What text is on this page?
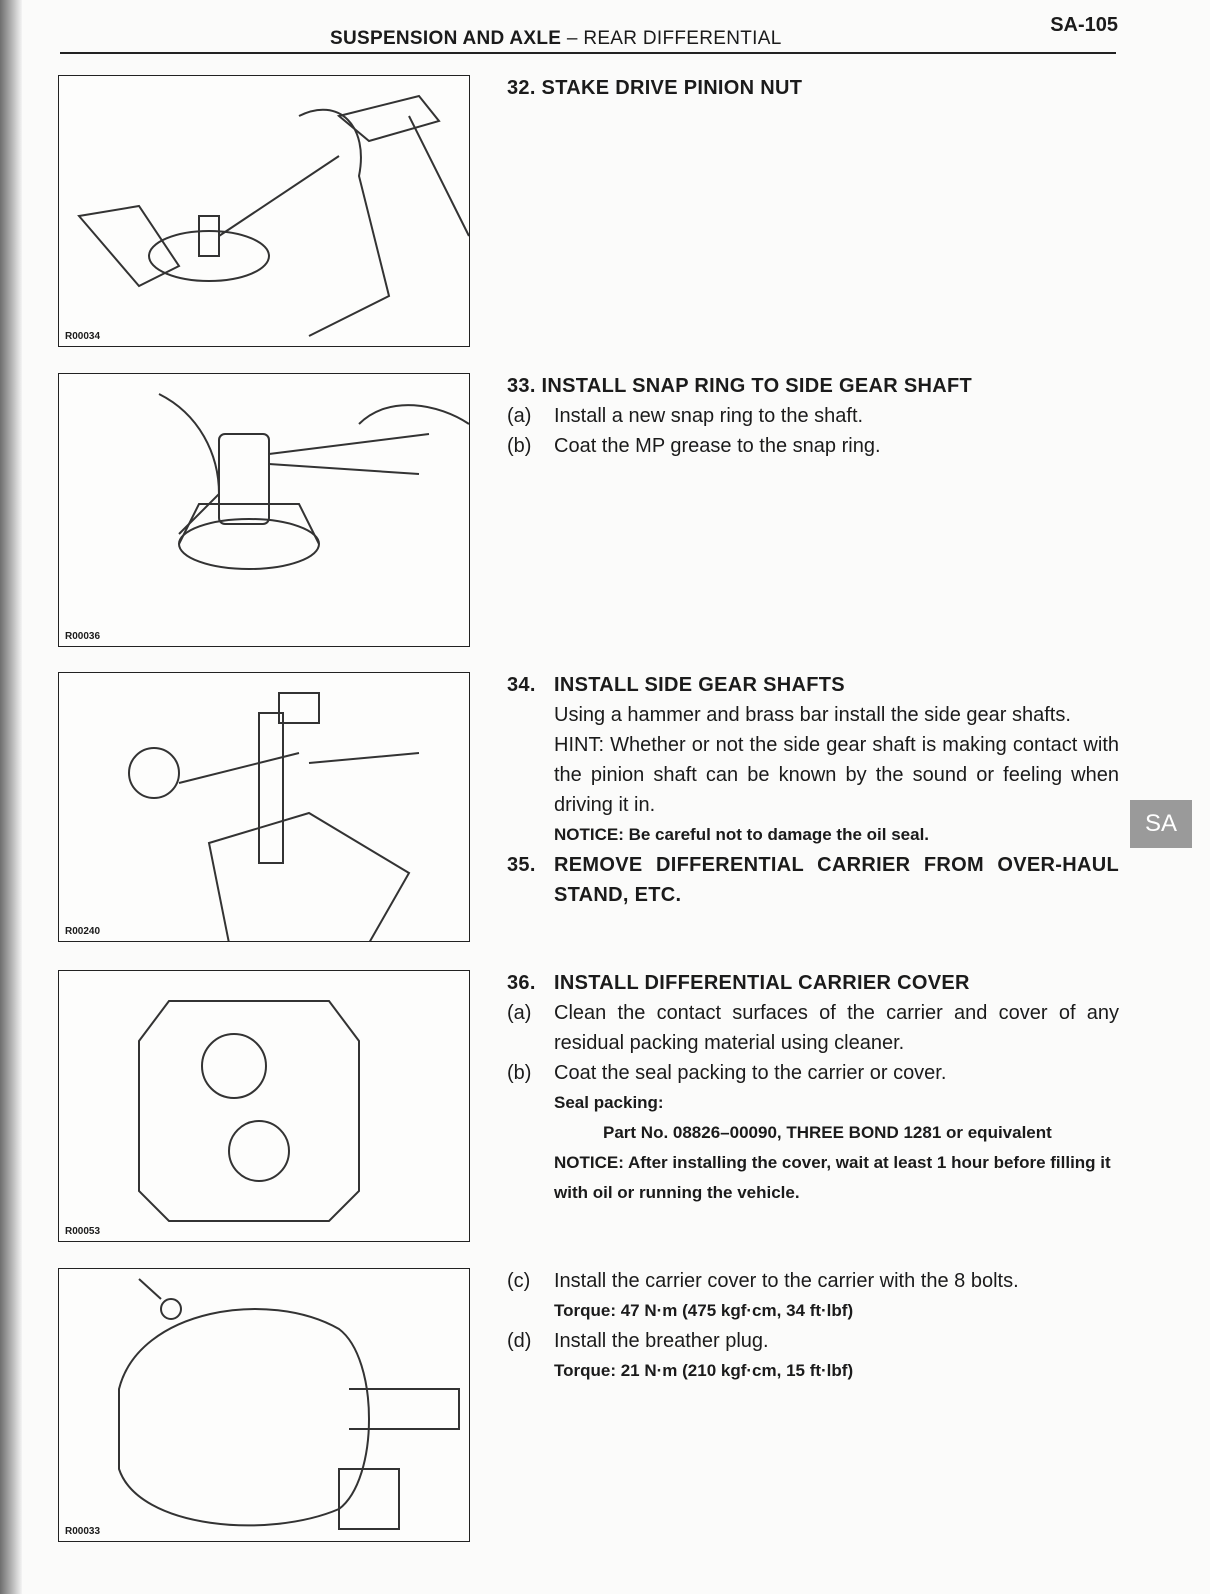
SUSPENSION AND AXLE – REAR DIFFERENTIAL
SA-105
R00034
R00036
R00240
R00053
R00033
32. STAKE DRIVE PINION NUT
33. INSTALL SNAP RING TO SIDE GEAR SHAFT
(a)	Install a new snap ring to the shaft.
(b)	Coat the MP grease to the snap ring.
34. INSTALL SIDE GEAR SHAFTS
Using a hammer and brass bar install the side gear shafts.
HINT: Whether or not the side gear shaft is making contact with the pinion shaft can be known by the sound or feeling when driving it in.
NOTICE: Be careful not to damage the oil seal.
35. REMOVE DIFFERENTIAL CARRIER FROM OVER-HAUL STAND, ETC.
36. INSTALL DIFFERENTIAL CARRIER COVER
(a)	Clean the contact surfaces of the carrier and cover of any residual packing material using cleaner.
(b)	Coat the seal packing to the carrier or cover.
Seal packing:
Part No. 08826–00090, THREE BOND 1281 or equivalent
NOTICE: After installing the cover, wait at least 1 hour before filling it with oil or running the vehicle.
(c)	Install the carrier cover to the carrier with the 8 bolts.
Torque: 47 N·m (475 kgf·cm, 34 ft·lbf)
(d)	Install the breather plug.
Torque: 21 N·m (210 kgf·cm, 15 ft·lbf)
SA
